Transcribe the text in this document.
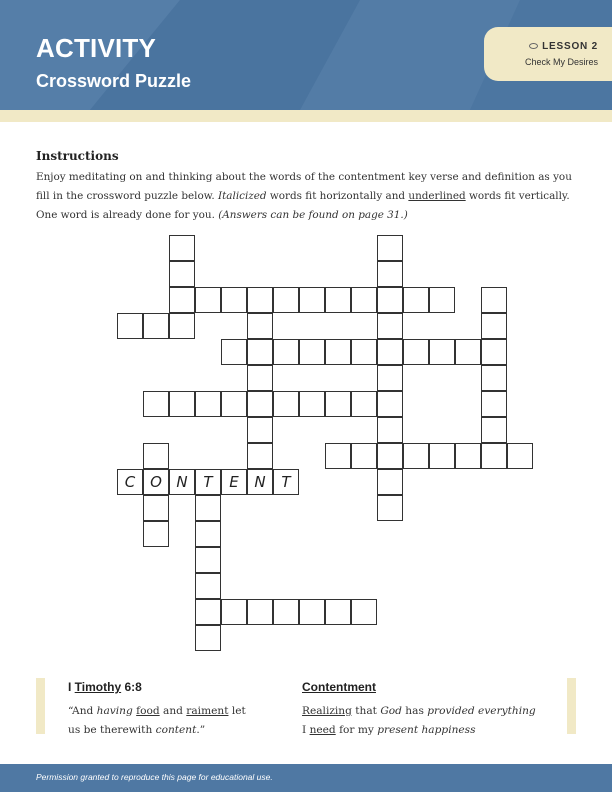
ACTIVITY
Crossword Puzzle
LESSON 2
Check My Desires
Instructions
Enjoy meditating on and thinking about the words of the contentment key verse and definition as you fill in the crossword puzzle below. Italicized words fit horizontally and underlined words fit vertically. One word is already done for you. (Answers can be found on page 31.)
N
O
C	N	T	E	T
I Timothy 6:8
“And having food and raiment let us be therewith content.”
Contentment
Realizing that God has provided everything I need for my present happiness
Permission granted to reproduce this page for educational use.
